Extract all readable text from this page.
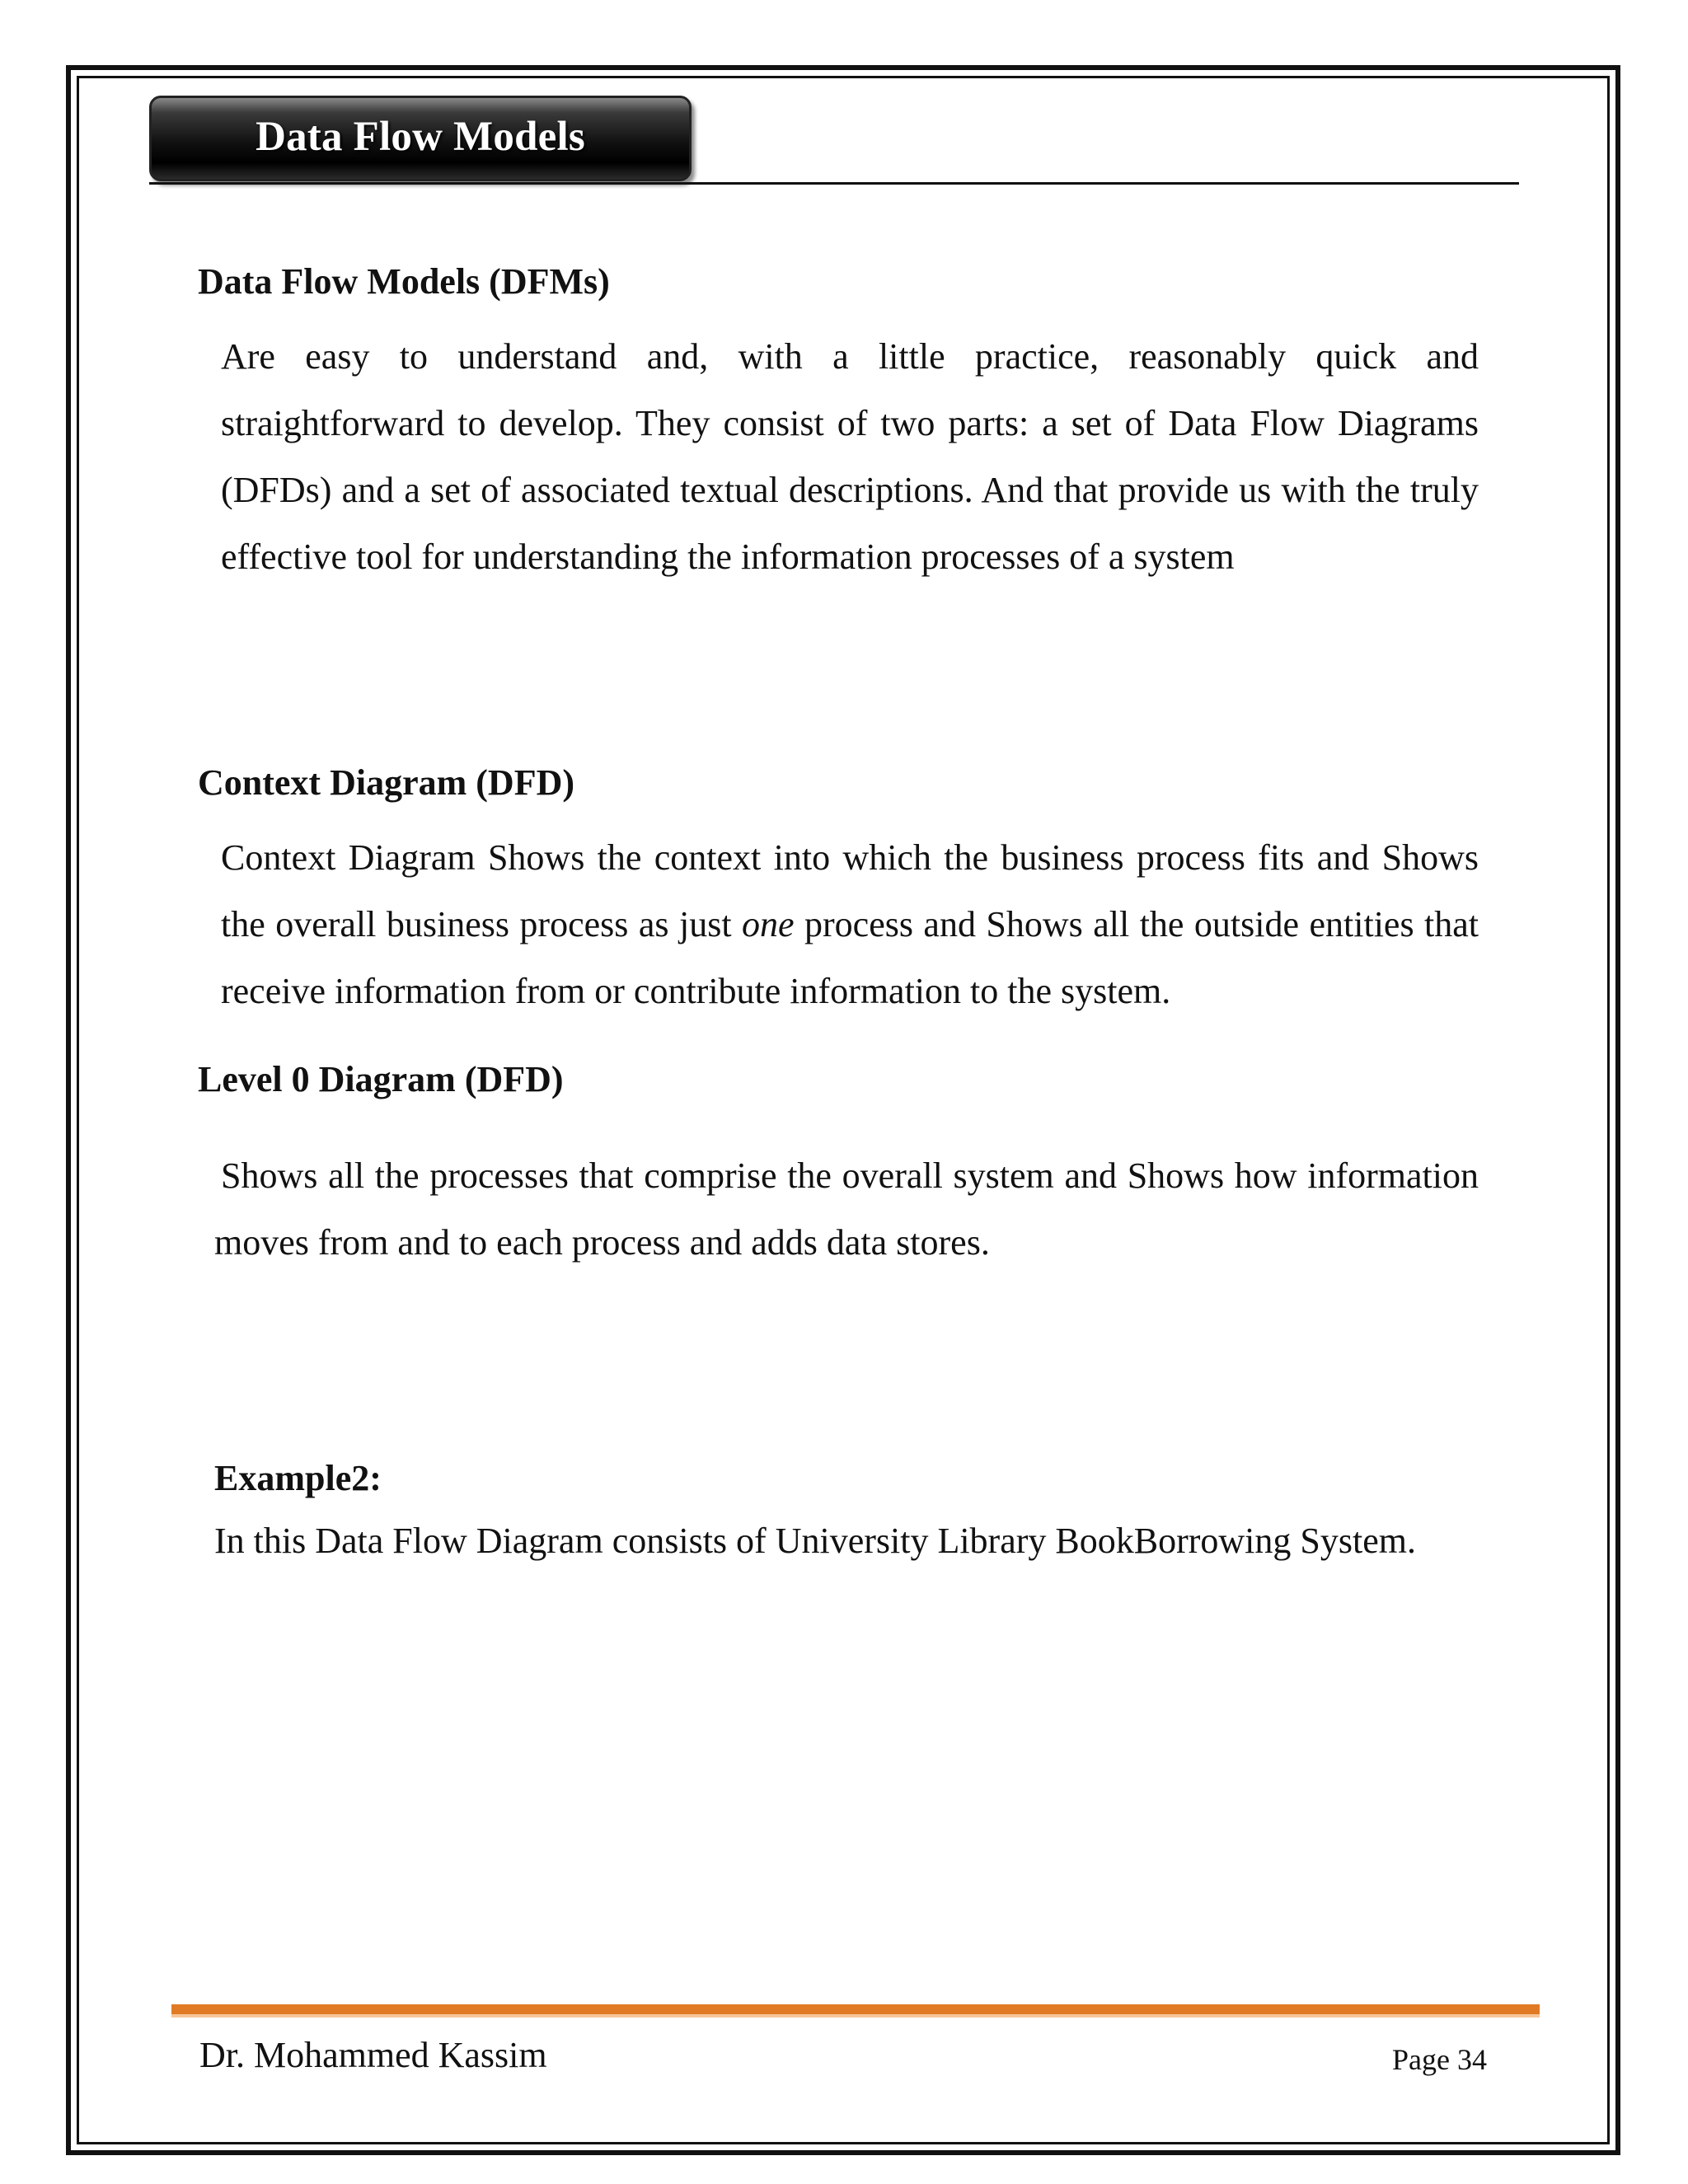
Data Flow Models
Data Flow Models (DFMs)
Are easy to understand and, with a little practice, reasonably quick and straightforward to develop. They consist of two parts: a set of Data Flow Diagrams (DFDs) and a set of associated textual descriptions. And that provide us with the truly effective tool for understanding the information processes of a system
Context Diagram (DFD)
Context Diagram Shows the context into which the business process fits and Shows the overall business process as just one process and Shows all the outside entities that receive information from or contribute information to the system.
Level 0 Diagram (DFD)
Shows all the processes that comprise the overall system and Shows how information moves from and to each process and adds data stores.
Example2:
In this Data Flow Diagram consists of University Library BookBorrowing System.
Dr. Mohammed Kassim	Page 34
